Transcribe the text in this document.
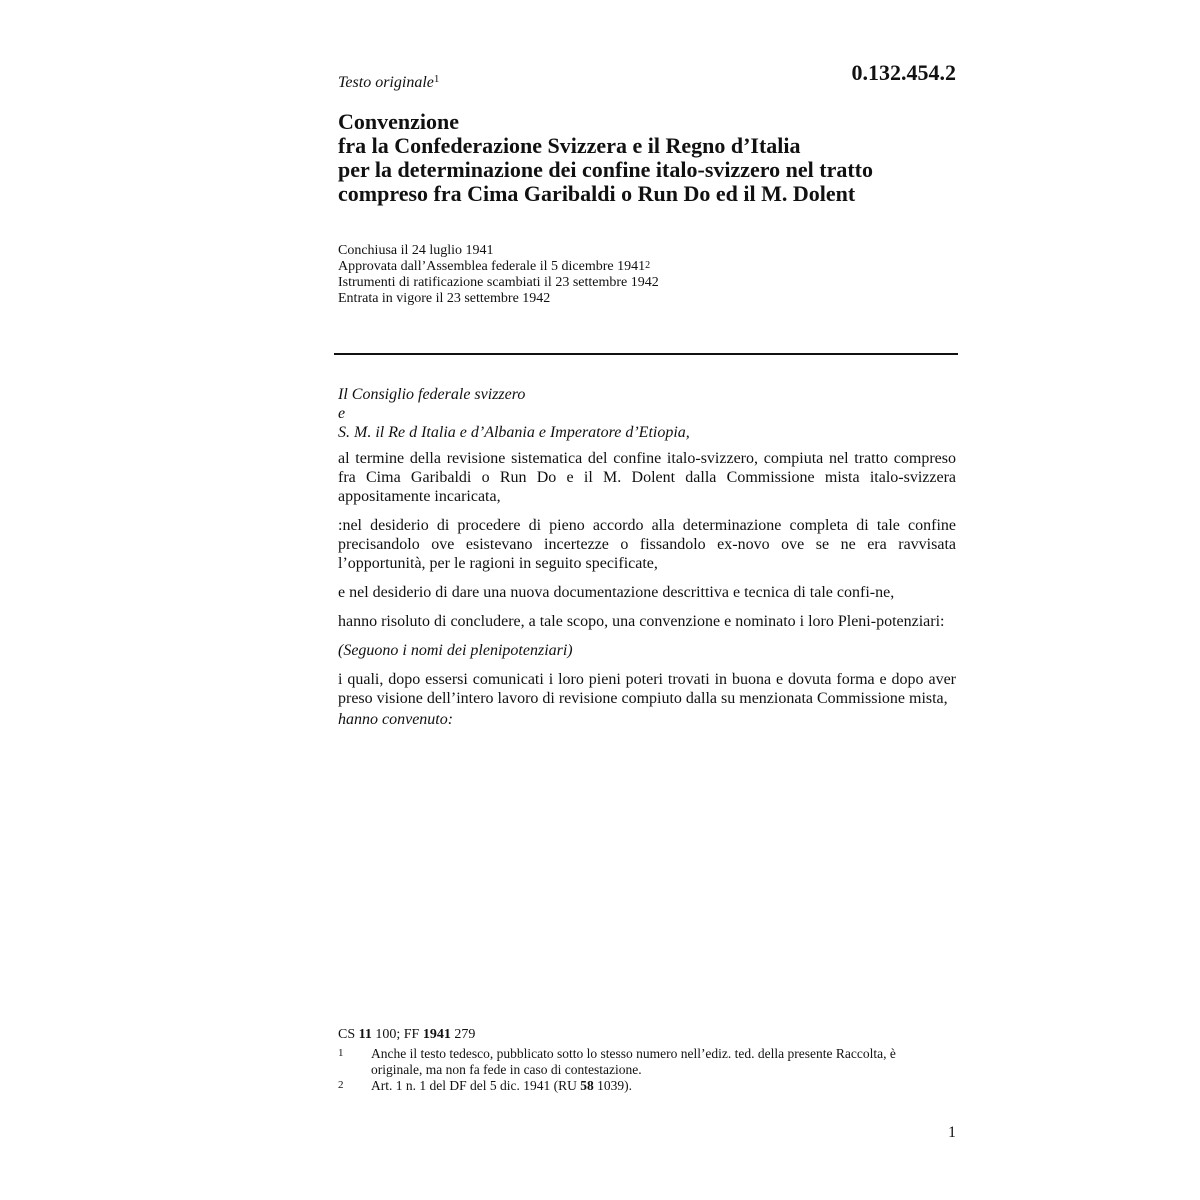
Testo originale$^1$	0.132.454.2
Convenzione
fra la Confederazione Svizzera e il Regno d’Italia
per la determinazione dei confine italo-svizzero nel tratto
compreso fra Cima Garibaldi o Run Do ed il M. Dolent
Conchiusa il 24 luglio 1941
Approvata dall’Assemblea federale il 5 dicembre 1941$^2$
Istrumenti di ratificazione scambiati il 23 settembre 1942
Entrata in vigore il 23 settembre 1942

Il Consiglio federale svizzero

e

S. M. il Re d Italia e d’Albania e Imperatore d’Etiopia,

al termine della revisione sistematica del confine italo-svizzero, compiuta nel tratto compreso fra Cima Garibaldi o Run Do e il M. Dolent dalla Commissione mista italo-svizzera appositamente incaricata,

:nel desiderio di procedere di pieno accordo alla determinazione completa di tale confine precisandolo ove esistevano incertezze o fissandolo ex-novo ove se ne era ravvisata l’opportunità, per le ragioni in seguito specificate,

e nel desiderio di dare una nuova documentazione descrittiva e tecnica di tale confi-ne,

hanno risoluto di concludere, a tale scopo, una convenzione e nominato i loro Pleni-potenziari:

(Seguono i nomi dei plenipotenziari)

i quali, dopo essersi comunicati i loro pieni poteri trovati in buona e dovuta forma e dopo aver preso visione dell’intero lavoro di revisione compiuto dalla su menzionata Commissione mista,

hanno convenuto:

CS 11 100; FF 1941 279
1 Anche il testo tedesco, pubblicato sotto lo stesso numero nell’ediz. ted. della presente Raccolta, è originale, ma non fa fede in caso di contestazione.
2 Art. 1 n. 1 del DF del 5 dic. 1941 (RU 58 1039).
1
